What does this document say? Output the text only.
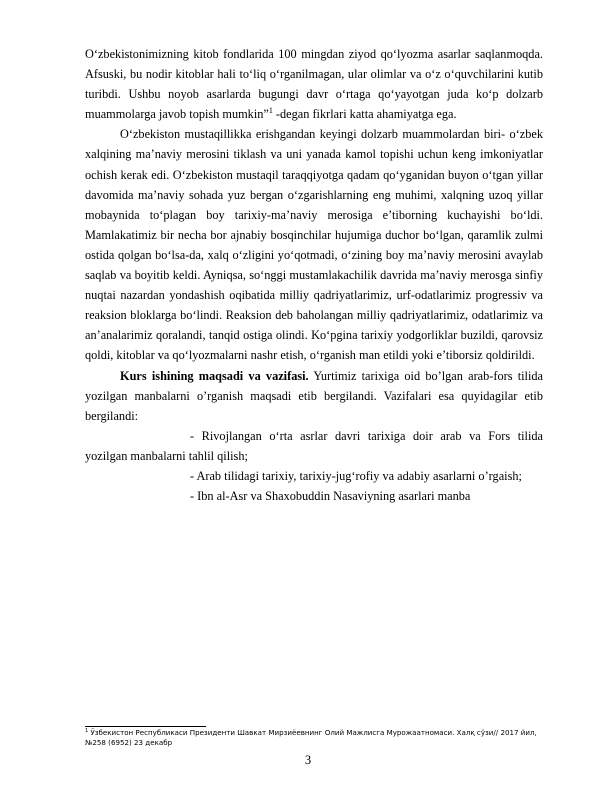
O‘zbekistonimizning kitob fondlarida 100 mingdan ziyod qo‘lyozma asarlar saqlanmoqda. Afsuski, bu nodir kitoblar hali to‘liq o‘rganilmagan, ular olimlar va o‘z o‘quvchilarini kutib turibdi. Ushbu noyob asarlarda bugungi davr o‘rtaga qo‘yayotgan juda ko‘p dolzarb muammolarga javob topish mumkin”$^1$ -degan fikrlari katta ahamiyatga ega.

O‘zbekiston mustaqillikka erishgandan keyingi dolzarb muammolardan biri- o‘zbek xalqining ma’naviy merosini tiklash va uni yanada kamol topishi uchun keng imkoniyatlar ochish kerak edi. O‘zbekiston mustaqil taraqqiyotga qadam qo‘yganidan buyon o‘tgan yillar davomida ma’naviy sohada yuz bergan o‘zgarishlarning eng muhimi, xalqning uzoq yillar mobaynida to‘plagan boy tarixiy-ma’naviy merosiga e’tiborning kuchayishi bo‘ldi. Mamlakatimiz bir necha bor ajnabiy bosqinchilar hujumiga duchor bo‘lgan, qaramlik zulmi ostida qolgan bo‘lsa-da, xalq o‘zligini yo‘qotmadi, o‘zining boy ma’naviy merosini avaylab saqlab va boyitib keldi. Ayniqsa, so‘nggi mustamlakachilik davrida ma’naviy merosga sinfiy nuqtai nazardan yondashish oqibatida milliy qadriyatlarimiz, urf-odatlarimiz progressiv va reaksion bloklarga bo‘lindi. Reaksion deb baholangan milliy qadriyatlarimiz, odatlarimiz va an’analarimiz qoralandi, tanqid ostiga olindi. Ko‘pgina tarixiy yodgorliklar buzildi, qarovsiz qoldi, kitoblar va qo‘lyozmalarni nashr etish, o‘rganish man etildi yoki e’tiborsiz qoldirildi.

Kurs ishining maqsadi va vazifasi. Yurtimiz tarixiga oid bo’lgan arab-fors tilida yozilgan manbalarni o’rganish maqsadi etib bergilandi. Vazifalari esa quyidagilar etib bergilandi:

- Rivojlangan o‘rta asrlar davri tarixiga doir arab va Fors tilida yozilgan manbalarni tahlil qilish;

- Arab tilidagi tarixiy, tarixiy-jug‘rofiy va adabiy asarlarni o’rgaish;

- Ibn al-Asr va Shaxobuddin Nasaviyning asarlari manba

$^1$ Ўзбекистон Республикаси Президенти Шавкат Мирзиёевнинг Олий Мажлисга Мурожаатномаси. Халқ сўзи// 2017 йил, №258 (6952) 23 декабр
3
